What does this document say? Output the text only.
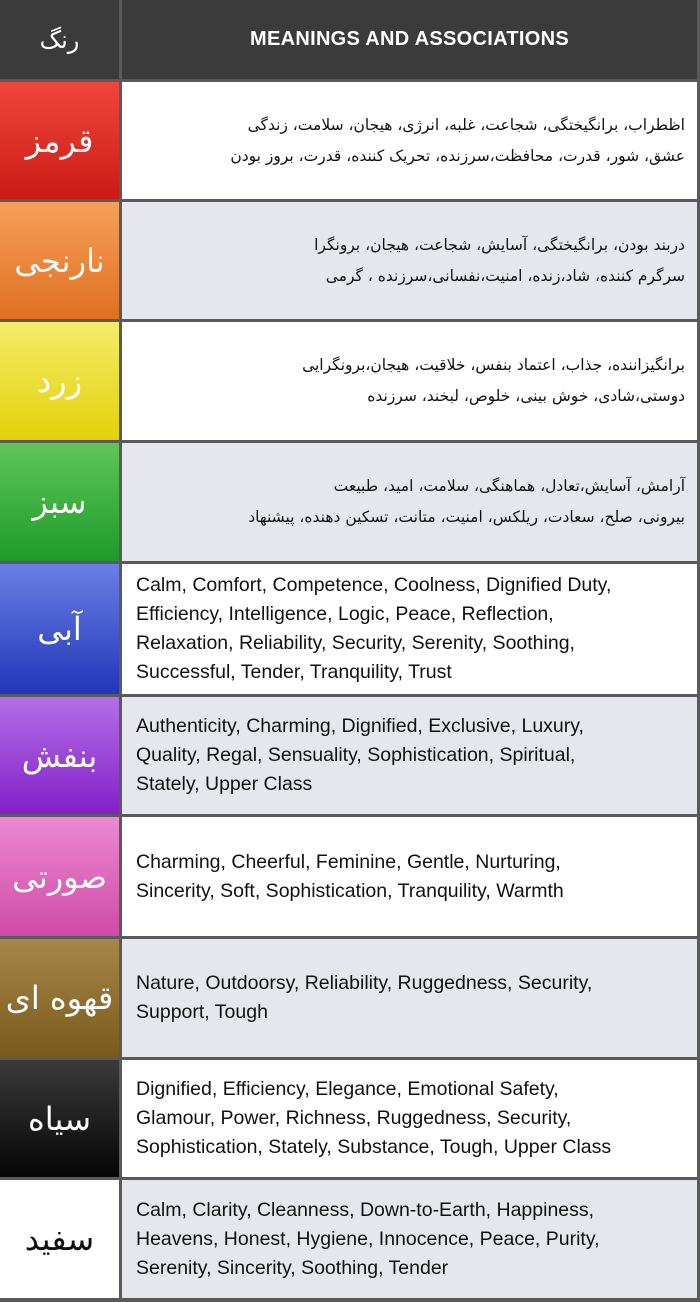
رنگ	MEANINGS AND ASSOCIATIONS
قرمز	اظطراب، برانگیختگی، شجاعت، غلبه، انرژی، هیجان، سلامت، زندگی
عشق، شور، قدرت، محافظت،سرزنده، تحریک کننده، قدرت، بروز بودن
نارنجی	دربند بودن، برانگیختگی، آسایش، شجاعت، هیجان، برونگرا
سرگرم کننده، شاد،زنده، امنیت،نفسانی،سرزنده ، گرمی
زرد	برانگیزاننده، جذاب، اعتماد بنفس، خلاقیت، هیجان،برونگرایی
دوستی،شادی، خوش بینی، خلوص، لبخند، سرزنده
سبز	آرامش، آسایش،تعادل، هماهنگی، سلامت، امید، طبیعت
بیرونی، صلح، سعادت، ریلکس، امنیت، متانت، تسکین دهنده، پیشنهاد
آبی
Calm, Comfort, Competence, Coolness, Dignified Duty,
Efficiency, Intelligence, Logic, Peace, Reflection,
Relaxation, Reliability, Security, Serenity, Soothing,
Successful, Tender, Tranquility, Trust
بنفش
Authenticity, Charming, Dignified, Exclusive, Luxury,
Quality, Regal, Sensuality, Sophistication, Spiritual,
Stately, Upper Class
صورتی Charming, Cheerful, Feminine, Gentle, Nurturing,
Sincerity, Soft, Sophistication, Tranquility, Warmth
قهوه ای Nature, Outdoorsy, Reliability, Ruggedness, Security,
Support, Tough
سیاه
Dignified, Efficiency, Elegance, Emotional Safety,
Glamour, Power, Richness, Ruggedness, Security,
Sophistication, Stately, Substance, Tough, Upper Class
سفید
Calm, Clarity, Cleanness, Down-to-Earth, Happiness,
Heavens, Honest, Hygiene, Innocence, Peace, Purity,
Serenity, Sincerity, Soothing, Tender
